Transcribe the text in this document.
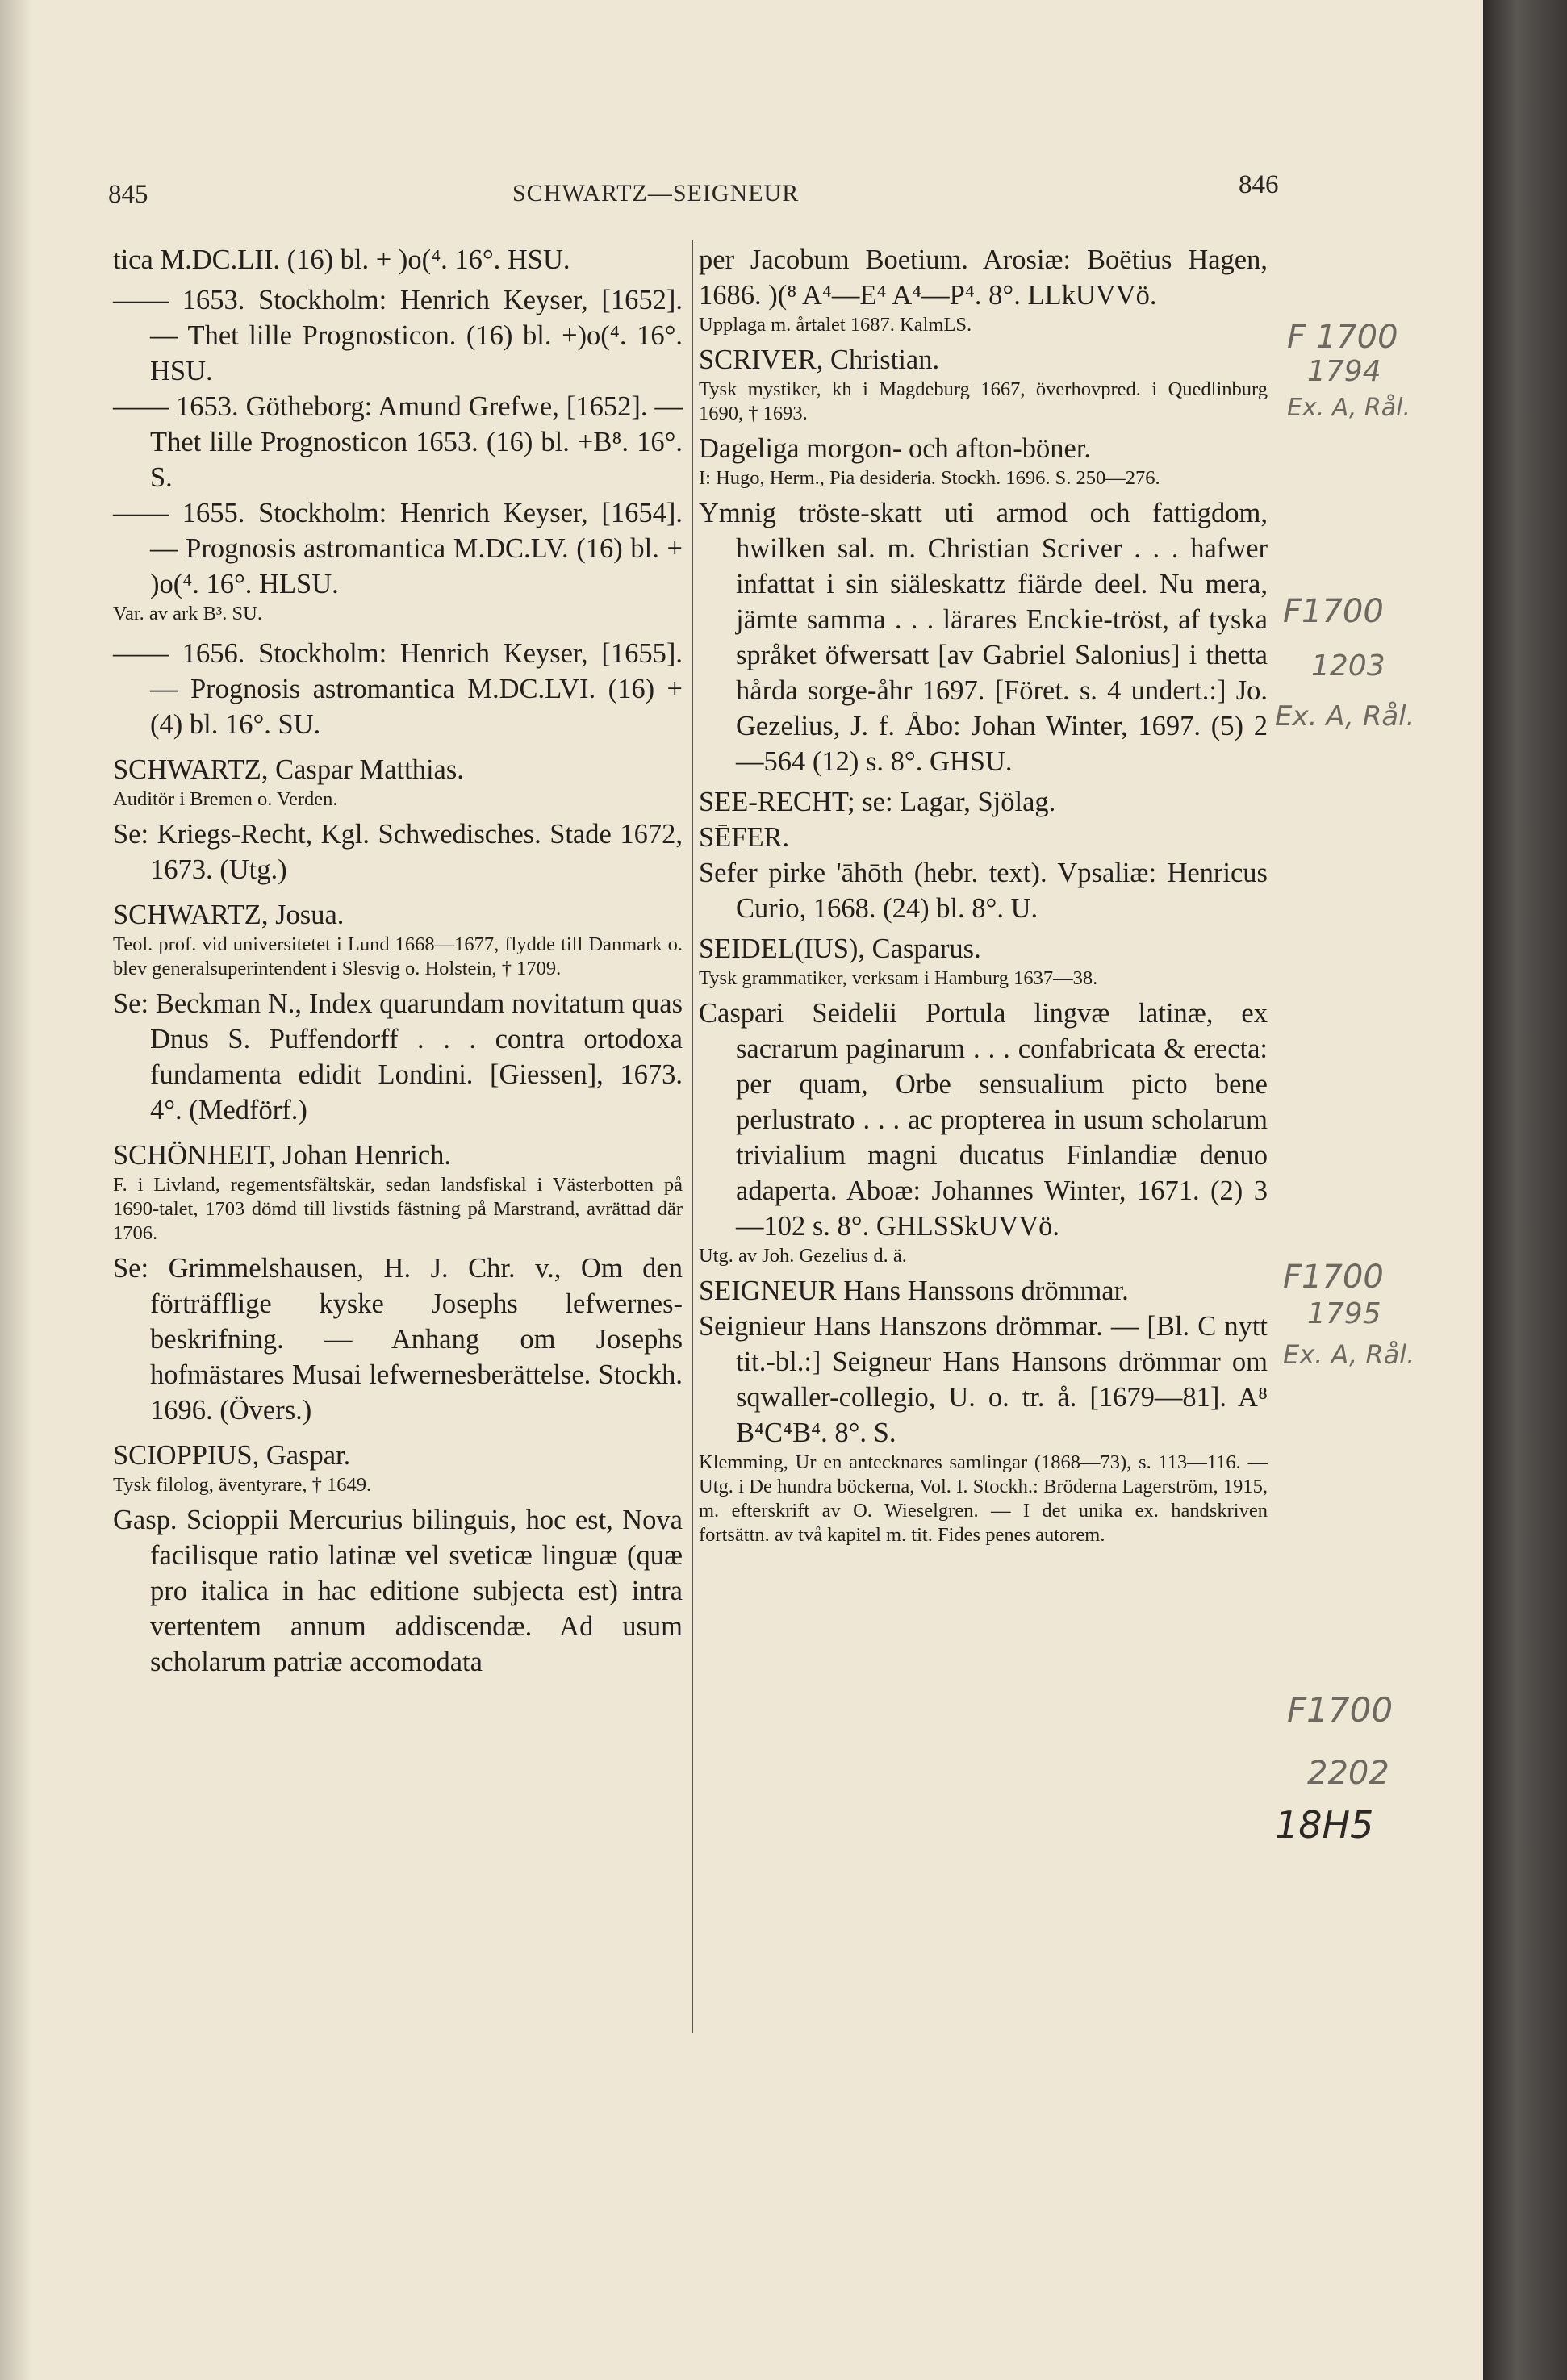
845	SCHWARTZ—SEIGNEUR	846
tica M.DC.LII. (16) bl. + )o(⁴. 16°. HSU.
—— 1653. Stockholm: Henrich Keyser, [1652]. — Thet lille Prognosticon. (16) bl. +)o(⁴. 16°. HSU.
—— 1653. Götheborg: Amund Grefwe, [1652]. — Thet lille Prognosticon 1653. (16) bl. +B⁸. 16°. S.
—— 1655. Stockholm: Henrich Keyser, [1654]. — Prognosis astromantica M.DC.LV. (16) bl. + )o(⁴. 16°. HLSU.
Var. av ark B³. SU.
—— 1656. Stockholm: Henrich Keyser, [1655]. — Prognosis astromantica M.DC.LVI. (16) + (4) bl. 16°. SU.
SCHWARTZ, Caspar Matthias.
Auditör i Bremen o. Verden.
Se: Kriegs-Recht, Kgl. Schwedisches. Stade 1672, 1673. (Utg.)
SCHWARTZ, Josua.
Teol. prof. vid universitetet i Lund 1668—1677, flydde till Danmark o. blev generalsuperintendent i Slesvig o. Holstein, † 1709.
Se: Beckman N., Index quarundam novitatum quas Dnus S. Puffendorff . . . contra ortodoxa fundamenta edidit Londini. [Giessen], 1673. 4°. (Medförf.)
SCHÖNHEIT, Johan Henrich.
F. i Livland, regementsfältskär, sedan landsfiskal i Västerbotten på 1690-talet, 1703 dömd till livstids fästning på Marstrand, avrättad där 1706.
Se: Grimmelshausen, H. J. Chr. v., Om den förträfflige kyske Josephs lefwernes-beskrifning. — Anhang om Josephs hofmästares Musai lefwernesberättelse. Stockh. 1696. (Övers.)
SCIOPPIUS, Gaspar.
Tysk filolog, äventyrare, † 1649.
Gasp. Scioppii Mercurius bilinguis, hoc est, Nova facilisque ratio latinæ vel sveticæ linguæ (quæ pro italica in hac editione subjecta est) intra vertentem annum addiscendæ. Ad usum scholarum patriæ accomodata
per Jacobum Boetium. Arosiæ: Boëtius Hagen, 1686. )(⁸ A⁴—E⁴ A⁴—P⁴. 8°. LLkUVVö.
Upplaga m. årtalet 1687. KalmLS.
SCRIVER, Christian.
Tysk mystiker, kh i Magdeburg 1667, överhovpred. i Quedlinburg 1690, † 1693.
Dageliga morgon- och afton-böner.
I: Hugo, Herm., Pia desideria. Stockh. 1696. S. 250—276.
Ymnig tröste-skatt uti armod och fattigdom, hwilken sal. m. Christian Scriver . . . hafwer infattat i sin siäleskattz fiärde deel. Nu mera, jämte samma . . . lärares Enckie-tröst, af tyska språket öfwersatt [av Gabriel Salonius] i thetta hårda sorge-åhr 1697. [Föret. s. 4 undert.:] Jo. Gezelius, J. f. Åbo: Johan Winter, 1697. (5) 2—564 (12) s. 8°. GHSU.
SEE-RECHT; se: Lagar, Sjölag.
SĒFER.
Sefer pirke 'āhōth (hebr. text). Vpsaliæ: Henricus Curio, 1668. (24) bl. 8°. U.
SEIDEL(IUS), Casparus.
Tysk grammatiker, verksam i Hamburg 1637—38.
Caspari Seidelii Portula lingvæ latinæ, ex sacrarum paginarum . . . confabricata & erecta: per quam, Orbe sensualium picto bene perlustrato . . . ac propterea in usum scholarum trivialium magni ducatus Finlandiæ denuo adaperta. Aboæ: Johannes Winter, 1671. (2) 3—102 s. 8°. GHLSSkUVVö.
Utg. av Joh. Gezelius d. ä.
SEIGNEUR Hans Hanssons drömmar.
Seignieur Hans Hanszons drömmar. — [Bl. C nytt tit.-bl.:] Seigneur Hans Hansons drömmar om sqwaller-collegio, U. o. tr. å. [1679—81]. A⁸ B⁴C⁴B⁴. 8°. S.
Klemming, Ur en antecknares samlingar (1868—73), s. 113—116. — Utg. i De hundra böckerna, Vol. I. Stockh.: Bröderna Lagerström, 1915, m. efterskrift av O. Wieselgren. — I det unika ex. handskriven fortsättn. av två kapitel m. tit. Fides penes autorem.
F 1700
1794
Ex. A, Rål.
F1700
1203
Ex. A, Rål.
F1700
1795
Ex. A, Rål.
F1700
2202
18H5
